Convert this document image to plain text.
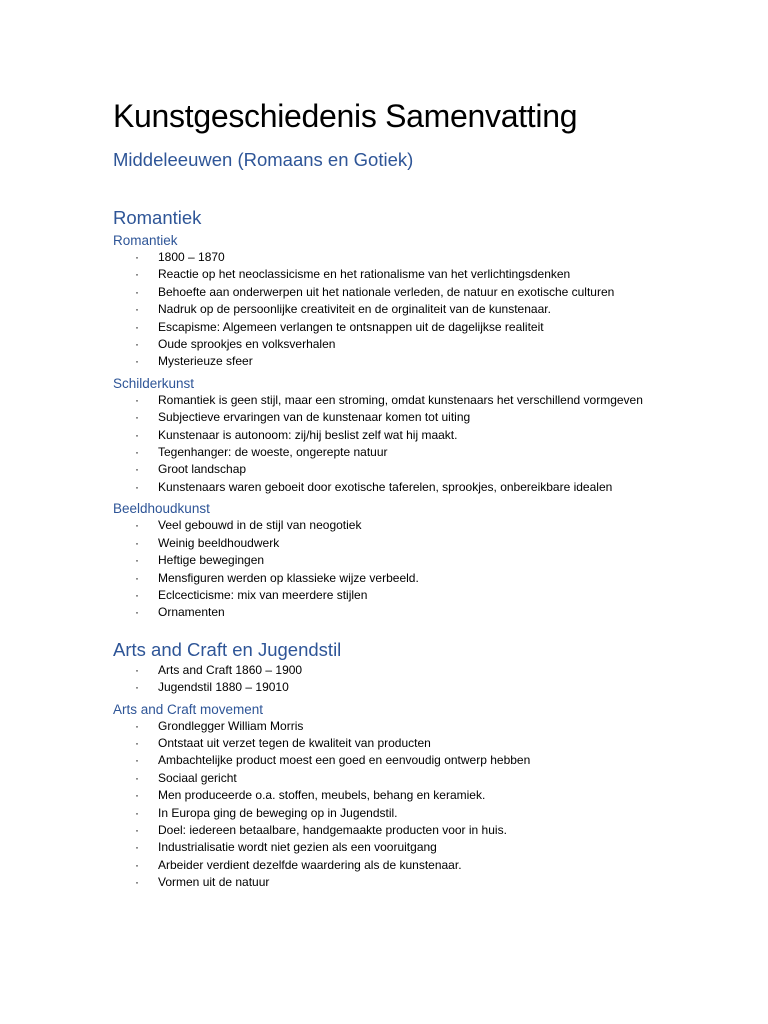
Kunstgeschiedenis Samenvatting
Middeleeuwen (Romaans en Gotiek)
Romantiek
Romantiek
· 1800 – 1870
· Reactie op het neoclassicisme en het rationalisme van het verlichtingsdenken
· Behoefte aan onderwerpen uit het nationale verleden, de natuur en exotische culturen
· Nadruk op de persoonlijke creativiteit en de orginaliteit van de kunstenaar.
· Escapisme: Algemeen verlangen te ontsnappen uit de dagelijkse realiteit
· Oude sprookjes en volksverhalen
· Mysterieuze sfeer
Schilderkunst
· Romantiek is geen stijl, maar een stroming, omdat kunstenaars het verschillend vormgeven
· Subjectieve ervaringen van de kunstenaar komen tot uiting
· Kunstenaar is autonoom: zij/hij beslist zelf wat hij maakt.
· Tegenhanger: de woeste, ongerepte natuur
· Groot landschap
· Kunstenaars waren geboeit door exotische taferelen, sprookjes, onbereikbare idealen
Beeldhoudkunst
· Veel gebouwd in de stijl van neogotiek
· Weinig beeldhoudwerk
· Heftige bewegingen
· Mensfiguren werden op klassieke wijze verbeeld.
· Eclcecticisme: mix van meerdere stijlen
· Ornamenten
Arts and Craft en Jugendstil
· Arts and Craft 1860 – 1900
· Jugendstil 1880 – 19010
Arts and Craft movement
· Grondlegger William Morris
· Ontstaat uit verzet tegen de kwaliteit van producten
· Ambachtelijke product moest een goed en eenvoudig ontwerp hebben
· Sociaal gericht
· Men produceerde o.a. stoffen, meubels, behang en keramiek.
· In Europa ging de beweging op in Jugendstil.
· Doel: iedereen betaalbare, handgemaakte producten voor in huis.
· Industrialisatie wordt niet gezien als een vooruitgang
· Arbeider verdient dezelfde waardering als de kunstenaar.
· Vormen uit de natuur
